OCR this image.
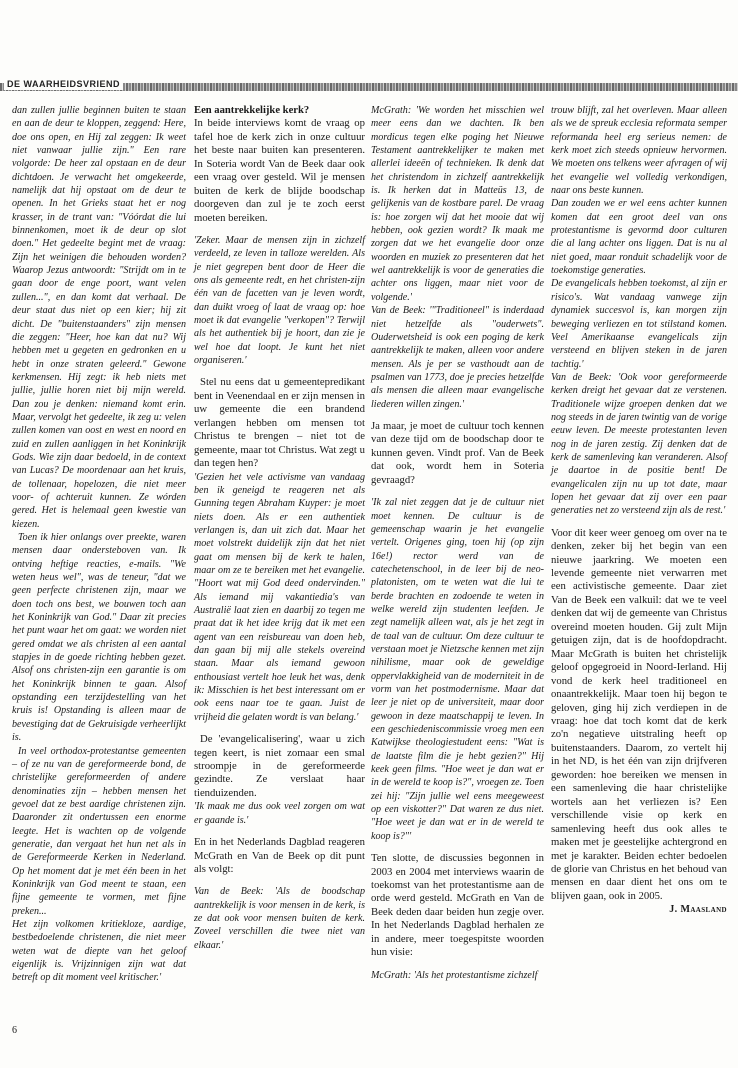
DE WAARHEIDSVRIEND

dan zullen jullie beginnen buiten te staan en aan de deur te kloppen, zeggend: Here, doe ons open, en Hij zal zeggen: Ik weet niet vanwaar jullie zijn." Een rare volgorde: De heer zal opstaan en de deur dichtdoen. Je verwacht het omgekeerde, namelijk dat hij opstaat om de deur te openen. In het Grieks staat het er nog krasser, in de trant van: "Vóórdat die lui binnenkomen, moet ik de deur op slot doen." Het gedeelte begint met de vraag: Zijn het weinigen die behouden worden? Waarop Jezus antwoordt: "Strijdt om in te gaan door de enge poort, want velen zullen...", en dan komt dat verhaal. De deur staat dus niet op een kier; hij zit dicht. De "buitenstaanders" zijn mensen die zeggen: "Heer, hoe kan dat nu? Wij hebben met u gegeten en gedronken en u hebt in onze straten geleerd." Gewone kerkmensen. Hij zegt: ik heb niets met jullie, jullie horen niet bij mijn wereld. Dan zou je denken: niemand komt erin. Maar, vervolgt het gedeelte, ik zeg u: velen zullen komen van oost en west en noord en zuid en zullen aanliggen in het Koninkrijk Gods. Wie zijn daar bedoeld, in de context van Lucas? De moordenaar aan het kruis, de tollenaar, hopelozen, die niet meer voor- of achteruit kunnen. Ze wórden gered. Het is helemaal geen kwestie van kiezen.

Toen ik hier onlangs over preekte, waren mensen daar ondersteboven van. Ik ontving heftige reacties, e-mails. "We weten heus wel", was de teneur, "dat we geen perfecte christenen zijn, maar we doen toch ons best, we bouwen toch aan het Koninkrijk van God." Daar zit precies het punt waar het om gaat: we worden niet gered omdat we als christen al een aantal stapjes in de goede richting hebben gezet. Alsof ons christen-zijn een garantie is om het Koninkrijk binnen te gaan. Alsof opstanding een terzijdestelling van het kruis is! Opstanding is alleen maar de bevestiging dat de Gekruisigde verheerlijkt is.

In veel orthodox-protestantse gemeenten – of ze nu van de gereformeerde bond, de christelijke gereformeerden of andere denominaties zijn – hebben mensen het gevoel dat ze best aardige christenen zijn. Daaronder zit ondertussen een enorme leegte. Het is wachten op de volgende generatie, dan vergaat het hun net als in de Gereformeerde Kerken in Nederland. Op het moment dat je met één been in het Koninkrijk van God meent te staan, een fijne gemeente te vormen, met fijne preken...

Het zijn volkomen kritiekloze, aardige, bestbedoelende christenen, die niet meer weten wat de diepte van het geloof eigenlijk is. Vrijzinnigen zijn wat dat betreft op dit moment veel kritischer.'

Een aantrekkelijke kerk?

In beide interviews komt de vraag op tafel hoe de kerk zich in onze cultuur het beste naar buiten kan presenteren. In Soteria wordt Van de Beek daar ook een vraag over gesteld. Wil je mensen buiten de kerk de blijde boodschap doorgeven dan zul je te zoch eerst moeten bereiken.

'Zeker. Maar de mensen zijn in zichzelf verdeeld, ze leven in talloze werelden. Als je niet gegrepen bent door de Heer die ons als gemeente redt, en het christen-zijn één van de facetten van je leven wordt, dan duikt vroeg of laat de vraag op: hoe moet ik dat evangelie "verkopen"? Terwijl als het authentiek bij je hoort, dan zie je wel hoe dat loopt. Je kunt het niet organiseren.'

Stel nu eens dat u gemeentepredikant bent in Veenendaal en er zijn mensen in uw gemeente die een brandend verlangen hebben om mensen tot Christus te brengen – niet tot de gemeente, maar tot Christus. Wat zegt u dan tegen hen?

'Gezien het vele activisme van vandaag ben ik geneigd te reageren net als Gunning tegen Abraham Kuyper: je moet niets doen. Als er een authentiek verlangen is, dan uit zich dat. Maar het moet volstrekt duidelijk zijn dat het niet gaat om mensen bij de kerk te halen, maar om ze te bereiken met het evangelie. "Hoort wat mij God deed ondervinden." Als iemand mij vakantiedia's van Australië laat zien en daarbij zo tegen me praat dat ik het idee krijg dat ik met een agent van een reisbureau van doen heb, dan gaan bij mij alle stekels overeind staan. Maar als iemand gewoon enthousiast vertelt hoe leuk het was, denk ik: Misschien is het best interessant om er ook eens naar toe te gaan. Juist de vrijheid die gelaten wordt is van belang.'

De 'evangelicalisering', waar u zich tegen keert, is niet zomaar een smal stroompje in de gereformeerde gezindte. Ze verslaat haar tienduizenden.

'Ik maak me dus ook veel zorgen om wat er gaande is.'

En in het Nederlands Dagblad reageren McGrath en Van de Beek op dit punt als volgt:

Van de Beek: 'Als de boodschap aantrekkelijk is voor mensen in de kerk, is ze dat ook voor mensen buiten de kerk. Zoveel verschillen die twee niet van elkaar.'

McGrath: 'We worden het misschien wel meer eens dan we dachten. Ik ben mordicus tegen elke poging het Nieuwe Testament aantrekkelijker te maken met allerlei ideeën of technieken. Ik denk dat het christendom in zichzelf aantrekkelijk is. Ik herken dat in Matteüs 13, de gelijkenis van de kostbare parel. De vraag is: hoe zorgen wij dat het mooie dat wij hebben, ook gezien wordt? Ik maak me zorgen dat we het evangelie door onze woorden en muziek zo presenteren dat het wel aantrekkelijk is voor de generaties die achter ons liggen, maar niet voor de volgende.'

Van de Beek: '"Traditioneel" is inderdaad niet hetzelfde als "ouderwets". Ouderwetsheid is ook een poging de kerk aantrekkelijk te maken, alleen voor andere mensen. Als je per se vasthoudt aan de psalmen van 1773, doe je precies hetzelfde als mensen die alleen maar evangelische liederen willen zingen.'

Ja maar, je moet de cultuur toch kennen van deze tijd om de boodschap door te kunnen geven. Vindt prof. Van de Beek dat ook, wordt hem in Soteria gevraagd?

'Ik zal niet zeggen dat je de cultuur niet moet kennen. De cultuur is de gemeenschap waarin je het evangelie vertelt. Origenes ging, toen hij (op zijn 16e!) rector werd van de catechetenschool, in de leer bij de neo-platonisten, om te weten wat die lui te berde brachten en zodoende te weten in welke wereld zijn studenten leefden. Je zegt namelijk alleen wat, als je het zegt in de taal van de cultuur. Om deze cultuur te verstaan moet je Nietzsche kennen met zijn nihilisme, maar ook de geweldige oppervlakkigheid van de moderniteit in de vorm van het postmodernisme. Maar dat leer je niet op de universiteit, maar door gewoon in deze maatschappij te leven. In een geschiedeniscommissie vroeg men een Katwijkse theologiestudent eens: "Wat is de laatste film die je hebt gezien?" Hij keek geen films. "Hoe weet je dan wat er in de wereld te koop is?", vroegen ze. Toen zei hij: "Zijn jullie wel eens meegeweest op een viskotter?" Dat waren ze dus niet. "Hoe weet je dan wat er in de wereld te koop is?"'

Ten slotte, de discussies begonnen in 2003 en 2004 met interviews waarin de toekomst van het protestantisme aan de orde werd gesteld. McGrath en Van de Beek deden daar beiden hun zegje over. In het Nederlands Dagblad herhalen ze in andere, meer toegespitste woorden hun visie:

McGrath: 'Als het protestantisme zichzelf

trouw blijft, zal het overleven. Maar alleen als we de spreuk ecclesia reformata semper reformanda heel erg serieus nemen: de kerk moet zich steeds opnieuw hervormen. We moeten ons telkens weer afvragen of wij het evangelie wel volledig verkondigen, naar ons beste kunnen.

Dan zouden we er wel eens achter kunnen komen dat een groot deel van ons protestantisme is gevormd door culturen die al lang achter ons liggen. Dat is nu al niet goed, maar ronduit schadelijk voor de toekomstige generaties.

De evangelicals hebben toekomst, al zijn er risico's. Wat vandaag vanwege zijn dynamiek succesvol is, kan morgen zijn beweging verliezen en tot stilstand komen. Veel Amerikaanse evangelicals zijn versteend en blijven steken in de jaren tachtig.'

Van de Beek: 'Ook voor gereformeerde kerken dreigt het gevaar dat ze verstenen. Traditionele wijze groepen denken dat we nog steeds in de jaren twintig van de vorige eeuw leven. De meeste protestanten leven nog in de jaren zestig. Zij denken dat de kerk de samenleving kan veranderen. Alsof je daartoe in de positie bent! De evangelicalen zijn nu up tot date, maar lopen het gevaar dat zij over een paar generaties net zo versteend zijn als de rest.'

Voor dit keer weer genoeg om over na te denken, zeker bij het begin van een nieuwe jaarkring. We moeten een levende gemeente niet verwarren met een activistische gemeente. Daar ziet Van de Beek een valkuil: dat we te veel denken dat wij de gemeente van Christus overeind moeten houden. Gij zult Mijn getuigen zijn, dat is de hoofdopdracht. Maar McGrath is buiten het christelijk geloof opgegroeid in Noord-Ierland. Hij vond de kerk heel traditioneel en onaantrekkelijk. Maar toen hij begon te geloven, ging hij zich verdiepen in de vraag: hoe dat toch komt dat de kerk zo'n negatieve uitstraling heeft op buitenstaanders. Daarom, zo vertelt hij in het ND, is het één van zijn drijfveren geworden: hoe bereiken we mensen in een samenleving die haar christelijke wortels aan het verliezen is? Een verschillende visie op kerk en samenleving heeft dus ook alles te maken met je geestelijke achtergrond en met je karakter. Beiden echter bedoelen de glorie van Christus en het behoud van mensen en daar dient het ons om te blijven gaan, ook in 2005.

J. Maasland

6
